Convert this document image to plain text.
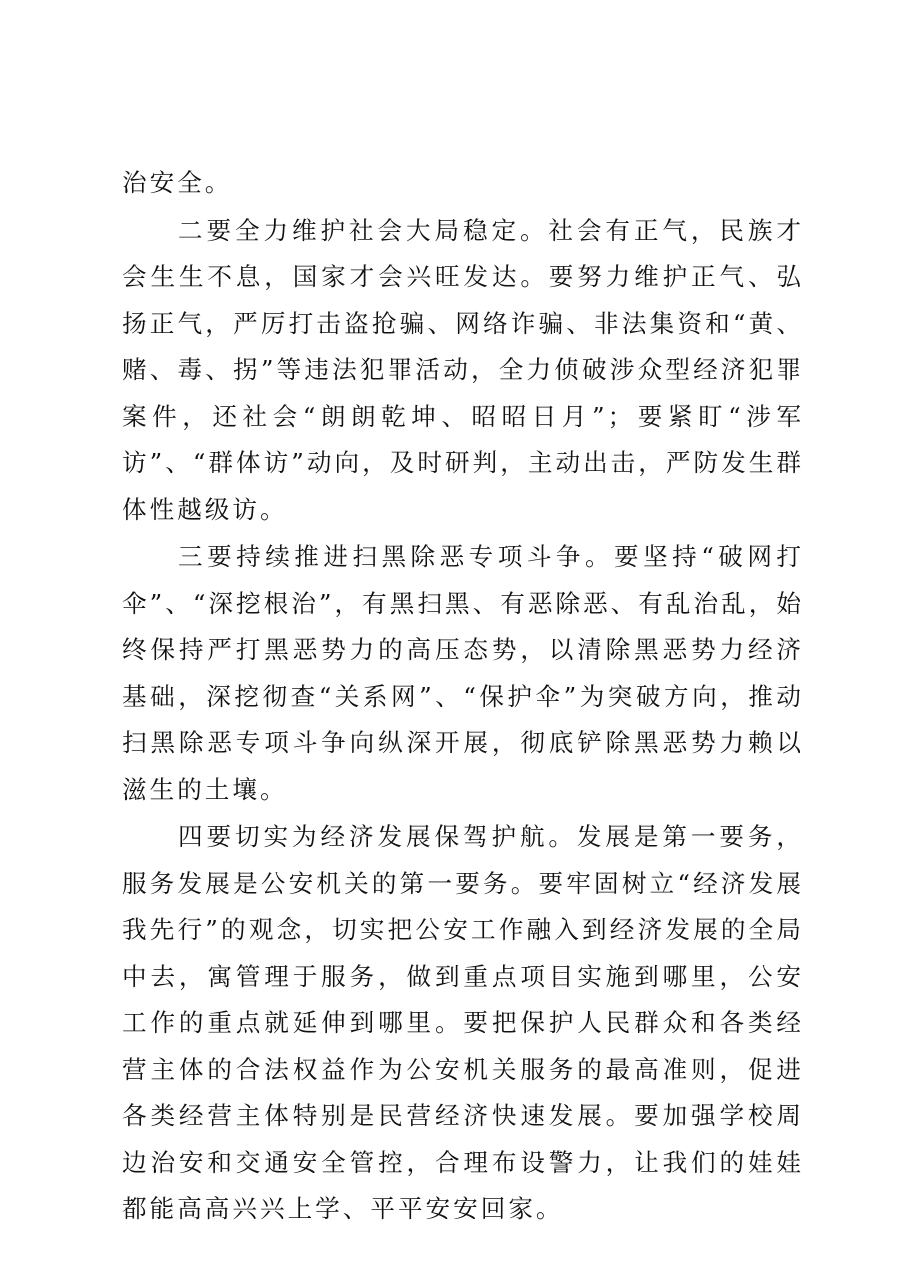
治安全。

二要全力维护社会大局稳定。社会有正气，民族才会生生不息，国家才会兴旺发达。要努力维护正气、弘扬正气，严厉打击盗抢骗、网络诈骗、非法集资和“黄、赌、毒、拐”等违法犯罪活动，全力侦破涉众型经济犯罪案件，还社会“朗朗乾坤、昭昭日月”；要紧盯“涉军访”、“群体访”动向，及时研判，主动出击，严防发生群体性越级访。

三要持续推进扫黑除恶专项斗争。要坚持“破网打伞”、“深挖根治”，有黑扫黑、有恶除恶、有乱治乱，始终保持严打黑恶势力的高压态势，以清除黑恶势力经济基础，深挖彻查“关系网”、“保护伞”为突破方向，推动扫黑除恶专项斗争向纵深开展，彻底铲除黑恶势力赖以滋生的土壤。

四要切实为经济发展保驾护航。发展是第一要务，服务发展是公安机关的第一要务。要牢固树立“经济发展我先行”的观念，切实把公安工作融入到经济发展的全局中去，寓管理于服务，做到重点项目实施到哪里，公安工作的重点就延伸到哪里。要把保护人民群众和各类经营主体的合法权益作为公安机关服务的最高准则，促进各类经营主体特别是民营经济快速发展。要加强学校周边治安和交通安全管控，合理布设警力，让我们的娃娃都能高高兴兴上学、平平安安回家。
